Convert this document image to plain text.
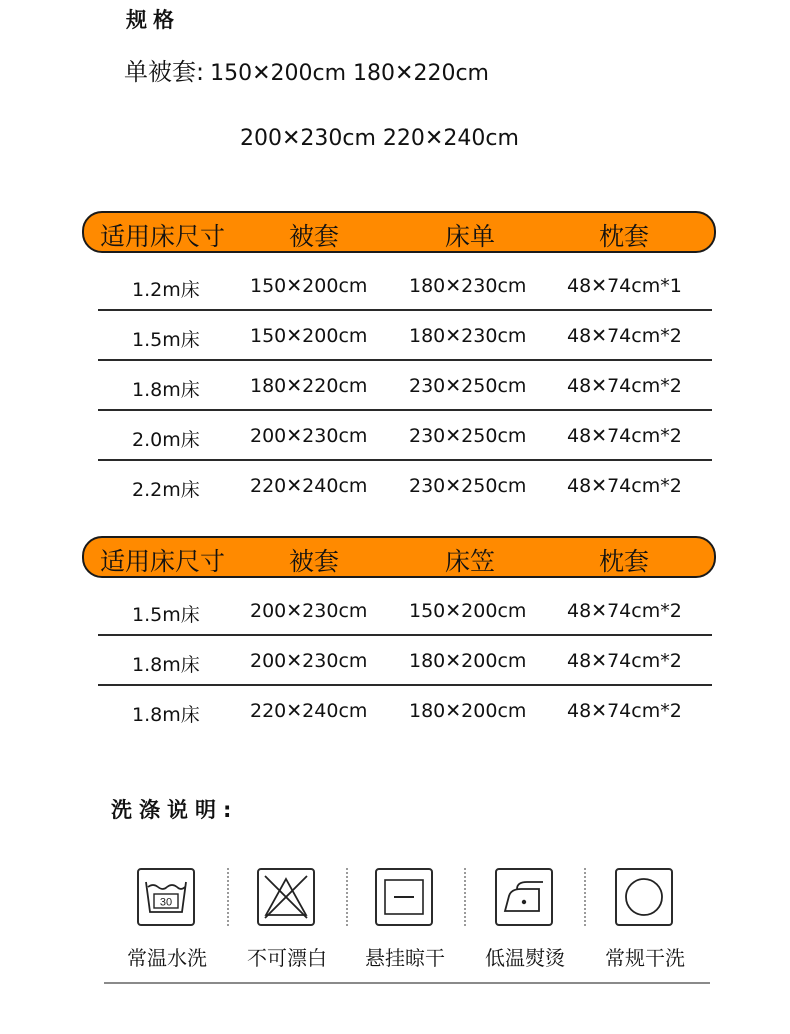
规格
单被套: 150✕200cm 180✕220cm
200✕230cm 220✕240cm
适用床尺寸	被套	床单	枕套
1.2m床	150✕200cm 180✕230cm 48✕74cm*1
1.5m床	150✕200cm 180✕230cm 48✕74cm*2
1.8m床	180✕220cm 230✕250cm 48✕74cm*2
2.0m床	200✕230cm 230✕250cm 48✕74cm*2
2.2m床	220✕240cm 230✕250cm 48✕74cm*2
适用床尺寸	被套	床笠	枕套
1.5m床	200✕230cm 150✕200cm 48✕74cm*2
1.8m床	200✕230cm 180✕200cm 48✕74cm*2
1.8m床	220✕240cm 180✕200cm 48✕74cm*2
洗涤说明:
30
常温水洗	不可漂白	悬挂晾干	低温熨烫	常规干洗
